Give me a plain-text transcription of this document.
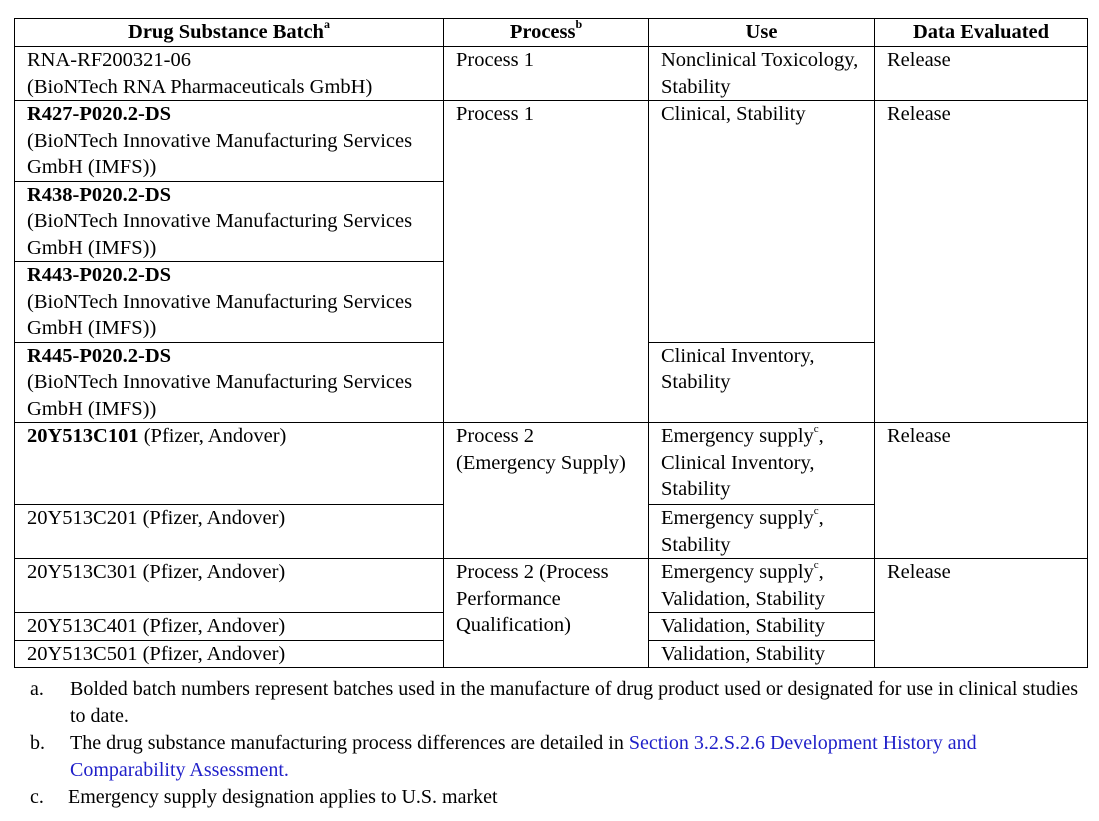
Drug Substance Batch$^a$	Process$^b$	Use	Data Evaluated
RNA-RF200321-06
(BioNTech RNA Pharmaceuticals GmbH)	Process 1	Nonclinical Toxicology, Stability	Release
R427-P020.2-DS
(BioNTech Innovative Manufacturing Services GmbH (IMFS))	Process 1	Clinical, Stability	Release
R438-P020.2-DS
(BioNTech Innovative Manufacturing Services GmbH (IMFS))			
R443-P020.2-DS
(BioNTech Innovative Manufacturing Services GmbH (IMFS))			
R445-P020.2-DS
(BioNTech Innovative Manufacturing Services GmbH (IMFS))		Clinical Inventory, Stability	
20Y513C101 (Pfizer, Andover)	Process 2 (Emergency Supply)	Emergency supply$^c$, Clinical Inventory, Stability	Release
20Y513C201 (Pfizer, Andover)		Emergency supply$^c$, Stability	
20Y513C301 (Pfizer, Andover)	Process 2 (Process Performance Qualification)	Emergency supply$^c$, Validation, Stability	Release
20Y513C401 (Pfizer, Andover)		Validation, Stability	
20Y513C501 (Pfizer, Andover)		Validation, Stability	
a.	Bolded batch numbers represent batches used in the manufacture of drug product used or designated for use in clinical studies to date.
b.	The drug substance manufacturing process differences are detailed in Section 3.2.S.2.6 Development History and Comparability Assessment.
c.	Emergency supply designation applies to U.S. market
